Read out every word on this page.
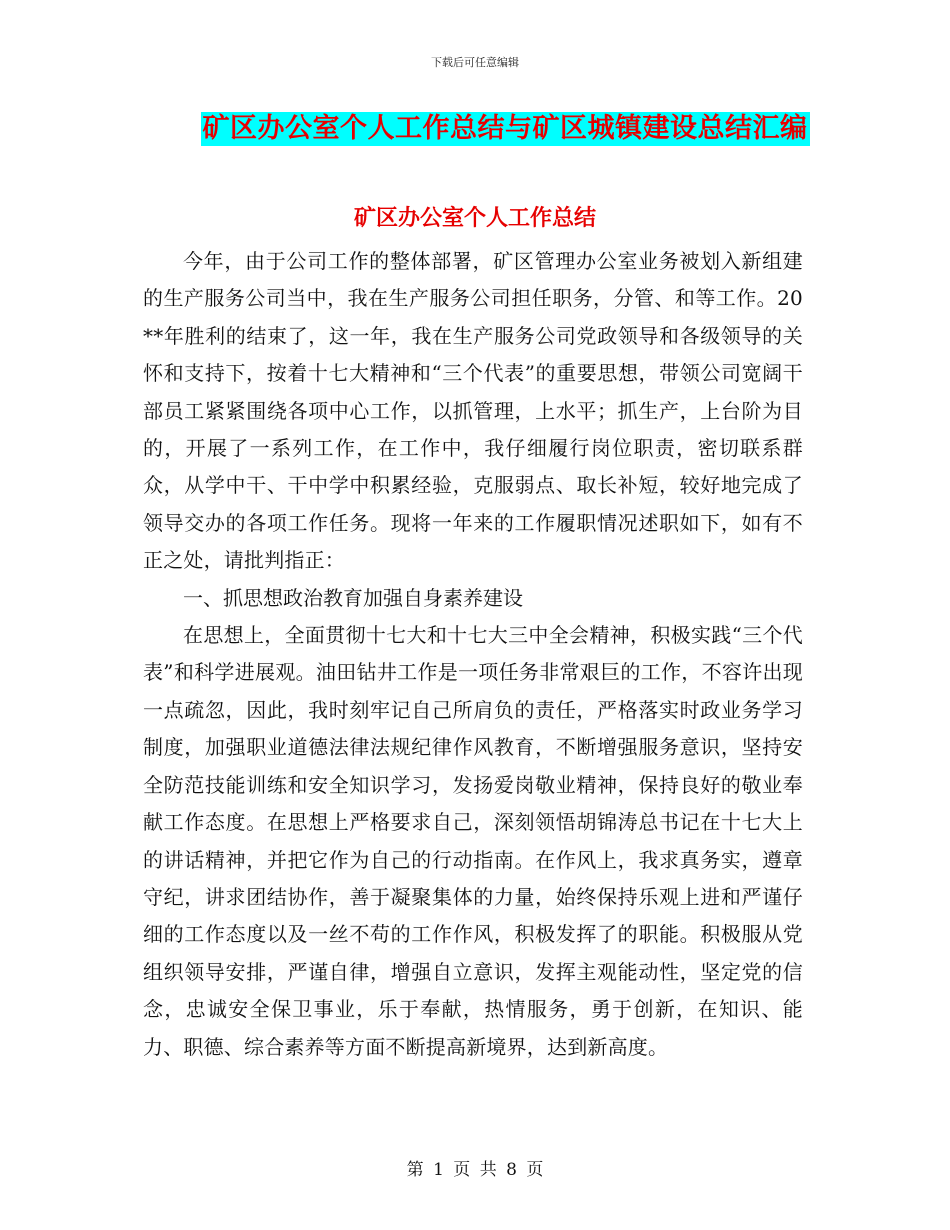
下载后可任意编辑
矿区办公室个人工作总结与矿区城镇建设总结汇编
矿区办公室个人工作总结

今年，由于公司工作的整体部署，矿区管理办公室业务被划入新组建的生产服务公司当中，我在生产服务公司担任职务，分管、和等工作。20**年胜利的结束了，这一年，我在生产服务公司党政领导和各级领导的关怀和支持下，按着十七大精神和“三个代表”的重要思想，带领公司宽阔干部员工紧紧围绕各项中心工作，以抓管理，上水平；抓生产，上台阶为目的，开展了一系列工作，在工作中，我仔细履行岗位职责，密切联系群众，从学中干、干中学中积累经验，克服弱点、取长补短，较好地完成了领导交办的各项工作任务。现将一年来的工作履职情况述职如下，如有不正之处，请批判指正：

一、抓思想政治教育加强自身素养建设

在思想上，全面贯彻十七大和十七大三中全会精神，积极实践“三个代表”和科学进展观。油田钻井工作是一项任务非常艰巨的工作，不容许出现一点疏忽，因此，我时刻牢记自己所肩负的责任，严格落实时政业务学习制度，加强职业道德法律法规纪律作风教育，不断增强服务意识，坚持安全防范技能训练和安全知识学习，发扬爱岗敬业精神，保持良好的敬业奉献工作态度。在思想上严格要求自己，深刻领悟胡锦涛总书记在十七大上的讲话精神，并把它作为自己的行动指南。在作风上，我求真务实，遵章守纪，讲求团结协作，善于凝聚集体的力量，始终保持乐观上进和严谨仔细的工作态度以及一丝不苟的工作作风，积极发挥了的职能。积极服从党组织领导安排，严谨自律，增强自立意识，发挥主观能动性，坚定党的信念，忠诚安全保卫事业，乐于奉献，热情服务，勇于创新，在知识、能力、职德、综合素养等方面不断提高新境界，达到新高度。

第 1 页 共 8 页
